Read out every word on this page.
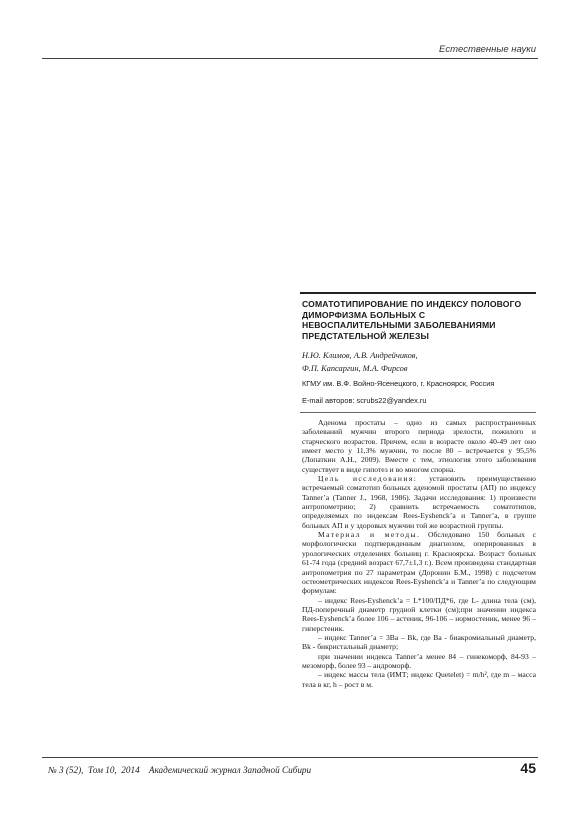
Естественные науки
СОМАТОТИПИРОВАНИЕ ПО ИНДЕКСУ ПОЛОВОГО ДИМОРФИЗМА БОЛЬНЫХ С НЕВОСПАЛИТЕЛЬНЫМИ ЗАБОЛЕВАНИЯМИ ПРЕДСТАТЕЛЬНОЙ ЖЕЛЕЗЫ
Н.Ю. Климов, А.В. Андрейчиков,
Ф.П. Капсаргин, М.А. Фирсов
КГМУ им. В.Ф. Войно-Ясенецкого, г. Красноярск, Россия
E-mail авторов: scrubs22@yandex.ru

Аденома простаты – одно из самых распространенных заболеваний мужчин второго периода зрелости, пожилого и старческого возрастов. Причем, если в возрасте около 40-49 лет оно имеет место у 11,3% мужчин, то после 80 – встречается у 95,5% (Лопаткин А.Н., 2009). Вместе с тем, этиология этого заболевания существует в виде гипотез и во многом спорна.

Цель исследования: установить преимущественно встречаемый соматотип больных аденомой простаты (АП) по индексу Tanner’a (Tanner J., 1968, 1986). Задачи исследования: 1) произвести антропометрию; 2) сравнить встречаемость соматотипов, определяемых по индексам Rees-Eyshenck’a и Tanner’a, в группе больных АП и у здоровых мужчин той же возрастной группы.

Материал и методы. Обследовано 150 больных с морфологически подтвержденным диагнозом, оперированных в урологических отделениях больниц г. Красноярска. Возраст больных 61-74 года (средний возраст 67,7±1,3 г.). Всем произведена стандартная антропометрия по 27 параметрам (Доронин Б.М., 1998) с подсчетом остеометрических индексов Rees-Eyshenck’a и Tanner’a по следующим формулам:

– индекс Rees-Eyshenck’a = L*100/ПД*6, где L- длина тела (см), ПД-поперечный диаметр грудной клетки (см);при значении индекса Rees-Eyshenck’a более 106 – астеник, 96-106 – нормостеник, менее 96 – гиперстеник.

– индекс Tanner’a = 3Ва – Bk, где Ва - биакромиальный диаметр, Bk - бикристальный диаметр;

при значении индекса Tanner’a менее 84 – гинекоморф, 84-93 – мезоморф, более 93 – андроморф.

– индекс массы тела (ИМТ; индекс Quetelet) = m/h², где m – масса тела в кг, h – рост в м.

№ 3 (52),  Том 10,  2014    Академический журнал Западной Сибири	45
